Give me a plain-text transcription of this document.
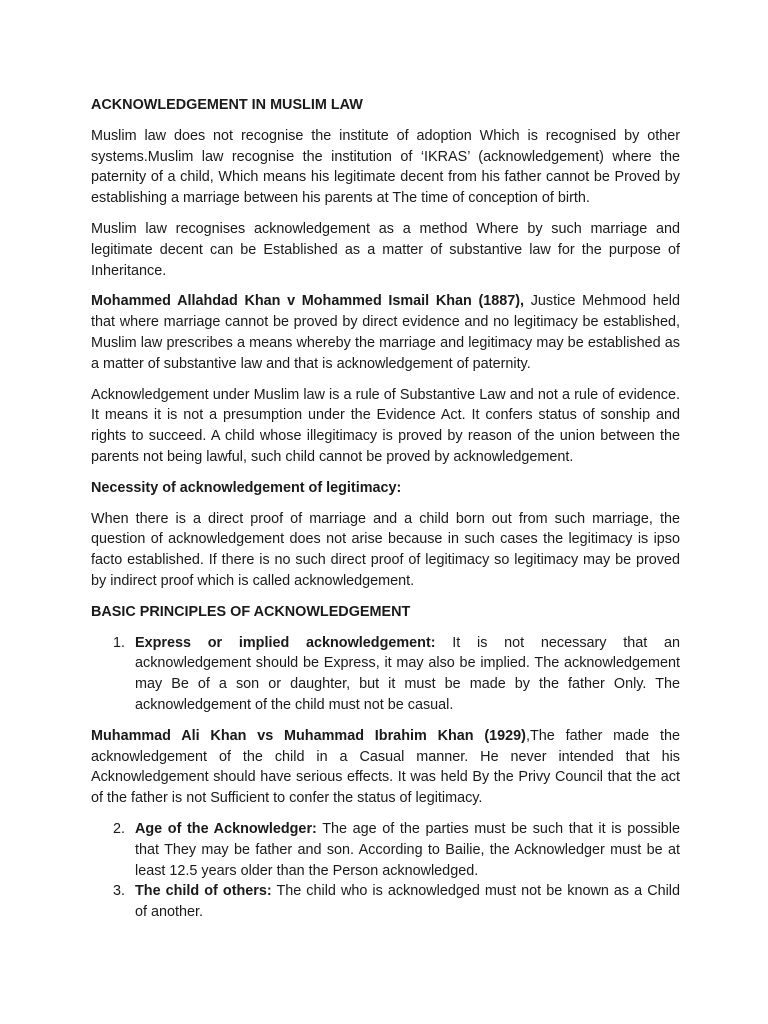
ACKNOWLEDGEMENT IN MUSLIM LAW

Muslim law does not recognise the institute of adoption Which is recognised by other systems.Muslim law recognise the institution of ‘IKRAS’ (acknowledgement) where the paternity of a child, Which means his legitimate decent from his father cannot be Proved by establishing a marriage between his parents at The time of conception of birth.

Muslim law recognises acknowledgement as a method Where by such marriage and legitimate decent can be Established as a matter of substantive law for the purpose of Inheritance.

Mohammed Allahdad Khan v Mohammed Ismail Khan (1887), Justice Mehmood held that where marriage cannot be proved by direct evidence and no legitimacy be established, Muslim law prescribes a means whereby the marriage and legitimacy may be established as a matter of substantive law and that is acknowledgement of paternity.

Acknowledgement under Muslim law is a rule of Substantive Law and not a rule of evidence. It means it is not a presumption under the Evidence Act. It confers status of sonship and rights to succeed. A child whose illegitimacy is proved by reason of the union between the parents not being lawful, such child cannot be proved by acknowledgement.

Necessity of acknowledgement of legitimacy:

When there is a direct proof of marriage and a child born out from such marriage, the question of acknowledgement does not arise because in such cases the legitimacy is ipso facto established. If there is no such direct proof of legitimacy so legitimacy may be proved by indirect proof which is called acknowledgement.

BASIC PRINCIPLES OF ACKNOWLEDGEMENT
1. Express or implied acknowledgement: It is not necessary that an acknowledgement should be Express, it may also be implied. The acknowledgement may Be of a son or daughter, but it must be made by the father Only. The acknowledgement of the child must not be casual.

Muhammad Ali Khan vs Muhammad Ibrahim Khan (1929),The father made the acknowledgement of the child in a Casual manner. He never intended that his Acknowledgement should have serious effects. It was held By the Privy Council that the act of the father is not Sufficient to confer the status of legitimacy.

2. Age of the Acknowledger: The age of the parties must be such that it is possible that They may be father and son. According to Bailie, the Acknowledger must be at least 12.5 years older than the Person acknowledged.
3. The child of others: The child who is acknowledged must not be known as a Child of another.
